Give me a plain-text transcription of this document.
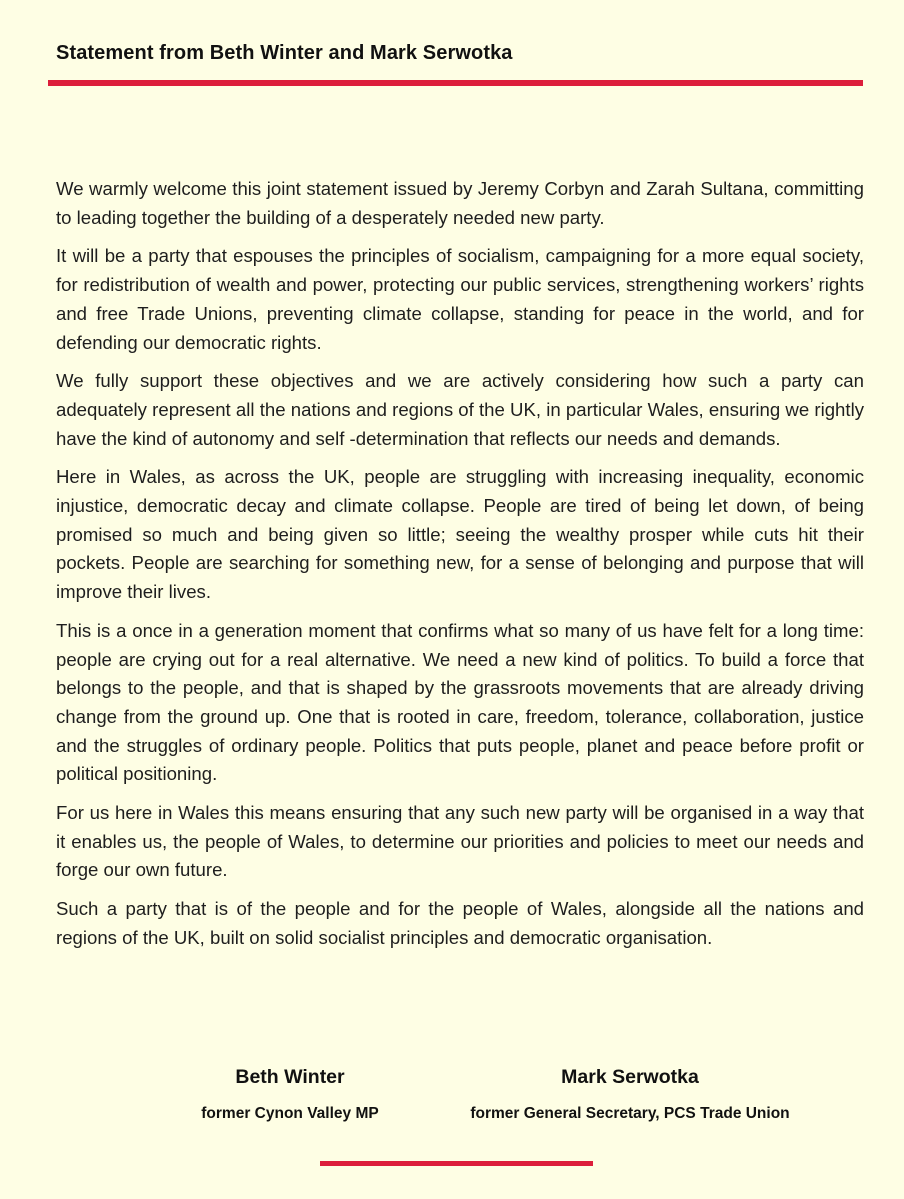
Statement from Beth Winter and Mark Serwotka

We warmly welcome this joint statement issued by Jeremy Corbyn and Zarah Sultana, committing to leading together the building of a desperately needed new party.

It will be a party that espouses the principles of socialism, campaigning for a more equal society, for redistribution of wealth and power, protecting our public services, strengthening workers’ rights and free Trade Unions, preventing climate collapse, standing for peace in the world, and for defending our democratic rights.

We fully support these objectives and we are actively considering how such a party can adequately represent all the nations and regions of the UK, in particular Wales, ensuring we rightly have the kind of autonomy and self -determination that reflects our needs and demands.

Here in Wales, as across the UK, people are struggling with increasing inequality, economic injustice, democratic decay and climate collapse. People are tired of being let down, of being promised so much and being given so little; seeing the wealthy prosper while cuts hit their pockets. People are searching for something new, for a sense of belonging and purpose that will improve their lives.

This is a once in a generation moment that confirms what so many of us have felt for a long time: people are crying out for a real alternative. We need a new kind of politics. To build a force that belongs to the people, and that is shaped by the grassroots movements that are already driving change from the ground up. One that is rooted in care, freedom, tolerance, collaboration, justice and the struggles of ordinary people. Politics that puts people, planet and peace before profit or political positioning.

For us here in Wales this means ensuring that any such new party will be organised in a way that it enables us, the people of Wales, to determine our priorities and policies to meet our needs and forge our own future.

Such a party that is of the people and for the people of Wales, alongside all the nations and regions of the UK, built on solid socialist principles and democratic organisation.

Beth Winter
former Cynon Valley MP
Mark Serwotka
former General Secretary, PCS Trade Union
